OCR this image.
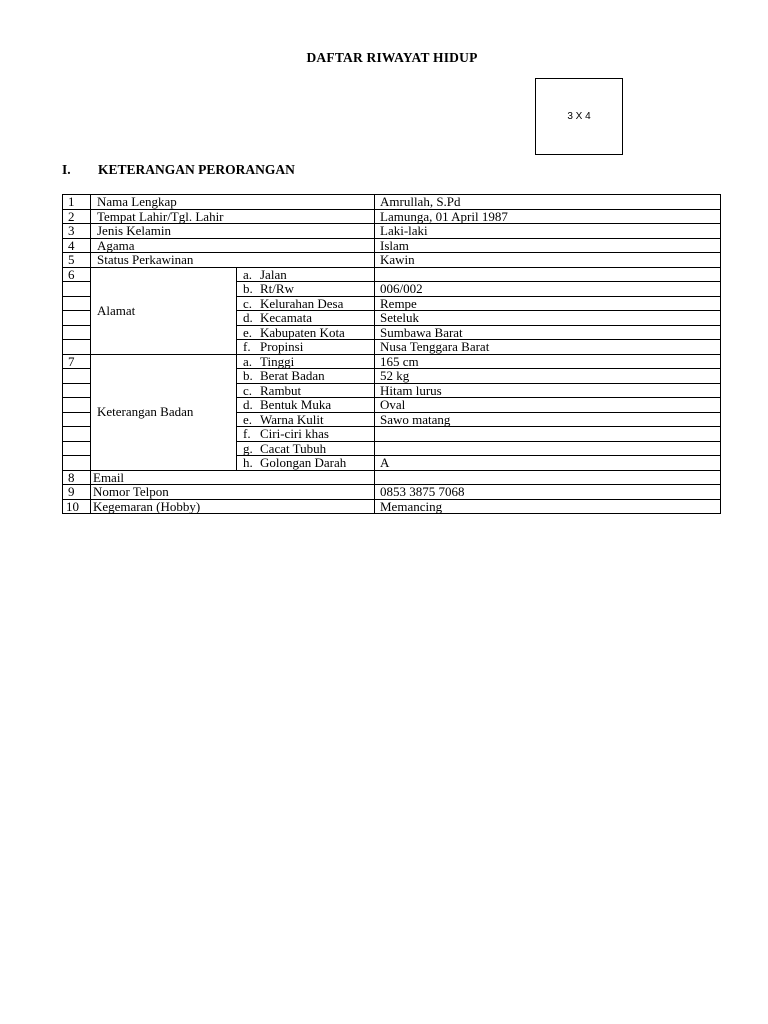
DAFTAR RIWAYAT HIDUP
3 X 4
I. KETERANGAN PERORANGAN
1	Nama Lengkap		Amrullah, S.Pd
2	Tempat Lahir/Tgl. Lahir		Lamunga, 01 April 1987
3	Jenis Kelamin		Laki-laki
4	Agama		Islam
5	Status Perkawinan		Kawin
6	Alamat	a. Jalan	
		b. Rt/Rw	006/002
		c. Kelurahan Desa	Rempe
		d. Kecamata	Seteluk
		e. Kabupaten Kota	Sumbawa Barat
		f. Propinsi	Nusa Tenggara Barat
7	Keterangan Badan	a. Tinggi	165 cm
		b. Berat Badan	52 kg
		c. Rambut	Hitam lurus
		d. Bentuk Muka	Oval
		e. Warna Kulit	Sawo matang
		f. Ciri-ciri khas	
		g. Cacat Tubuh	
		h. Golongan Darah	A
8	Email		
9	Nomor Telpon		0853 3875 7068
10	Kegemaran (Hobby)		Memancing
